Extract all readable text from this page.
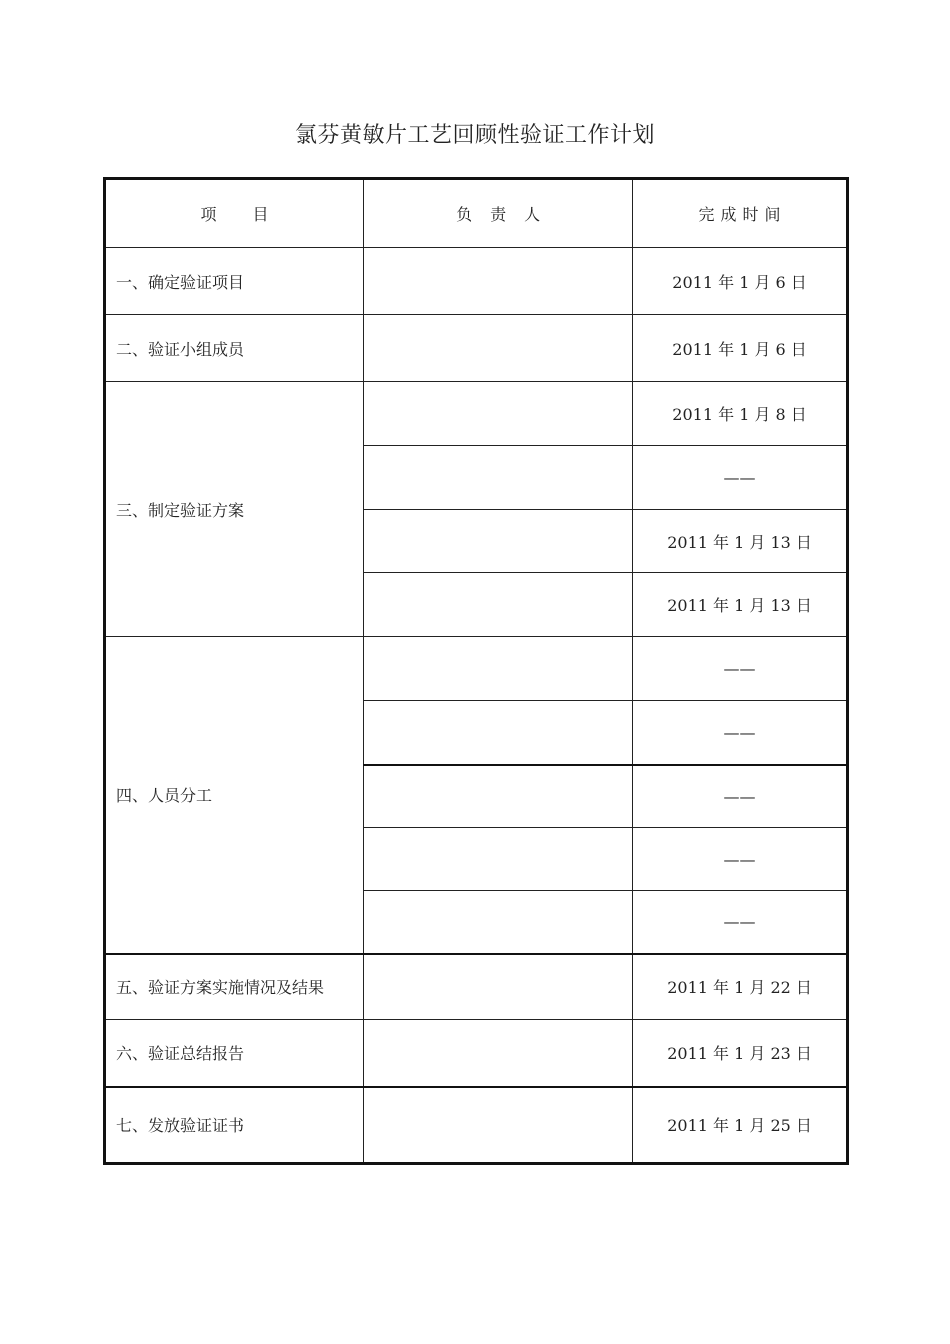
氯芬黄敏片工艺回顾性验证工作计划
项目	负责人	完成时间
一、确定验证项目		2011 年 1 月 6 日
二、验证小组成员		2011 年 1 月 6 日
三、制定验证方案		2011 年 1 月 8 日
		——
		2011 年 1 月 13 日
		2011 年 1 月 13 日
四、人员分工		——
		——
		——
		——
		——
五、验证方案实施情况及结果		2011 年 1 月 22 日
六、验证总结报告		2011 年 1 月 23 日
七、发放验证证书		2011 年 1 月 25 日
